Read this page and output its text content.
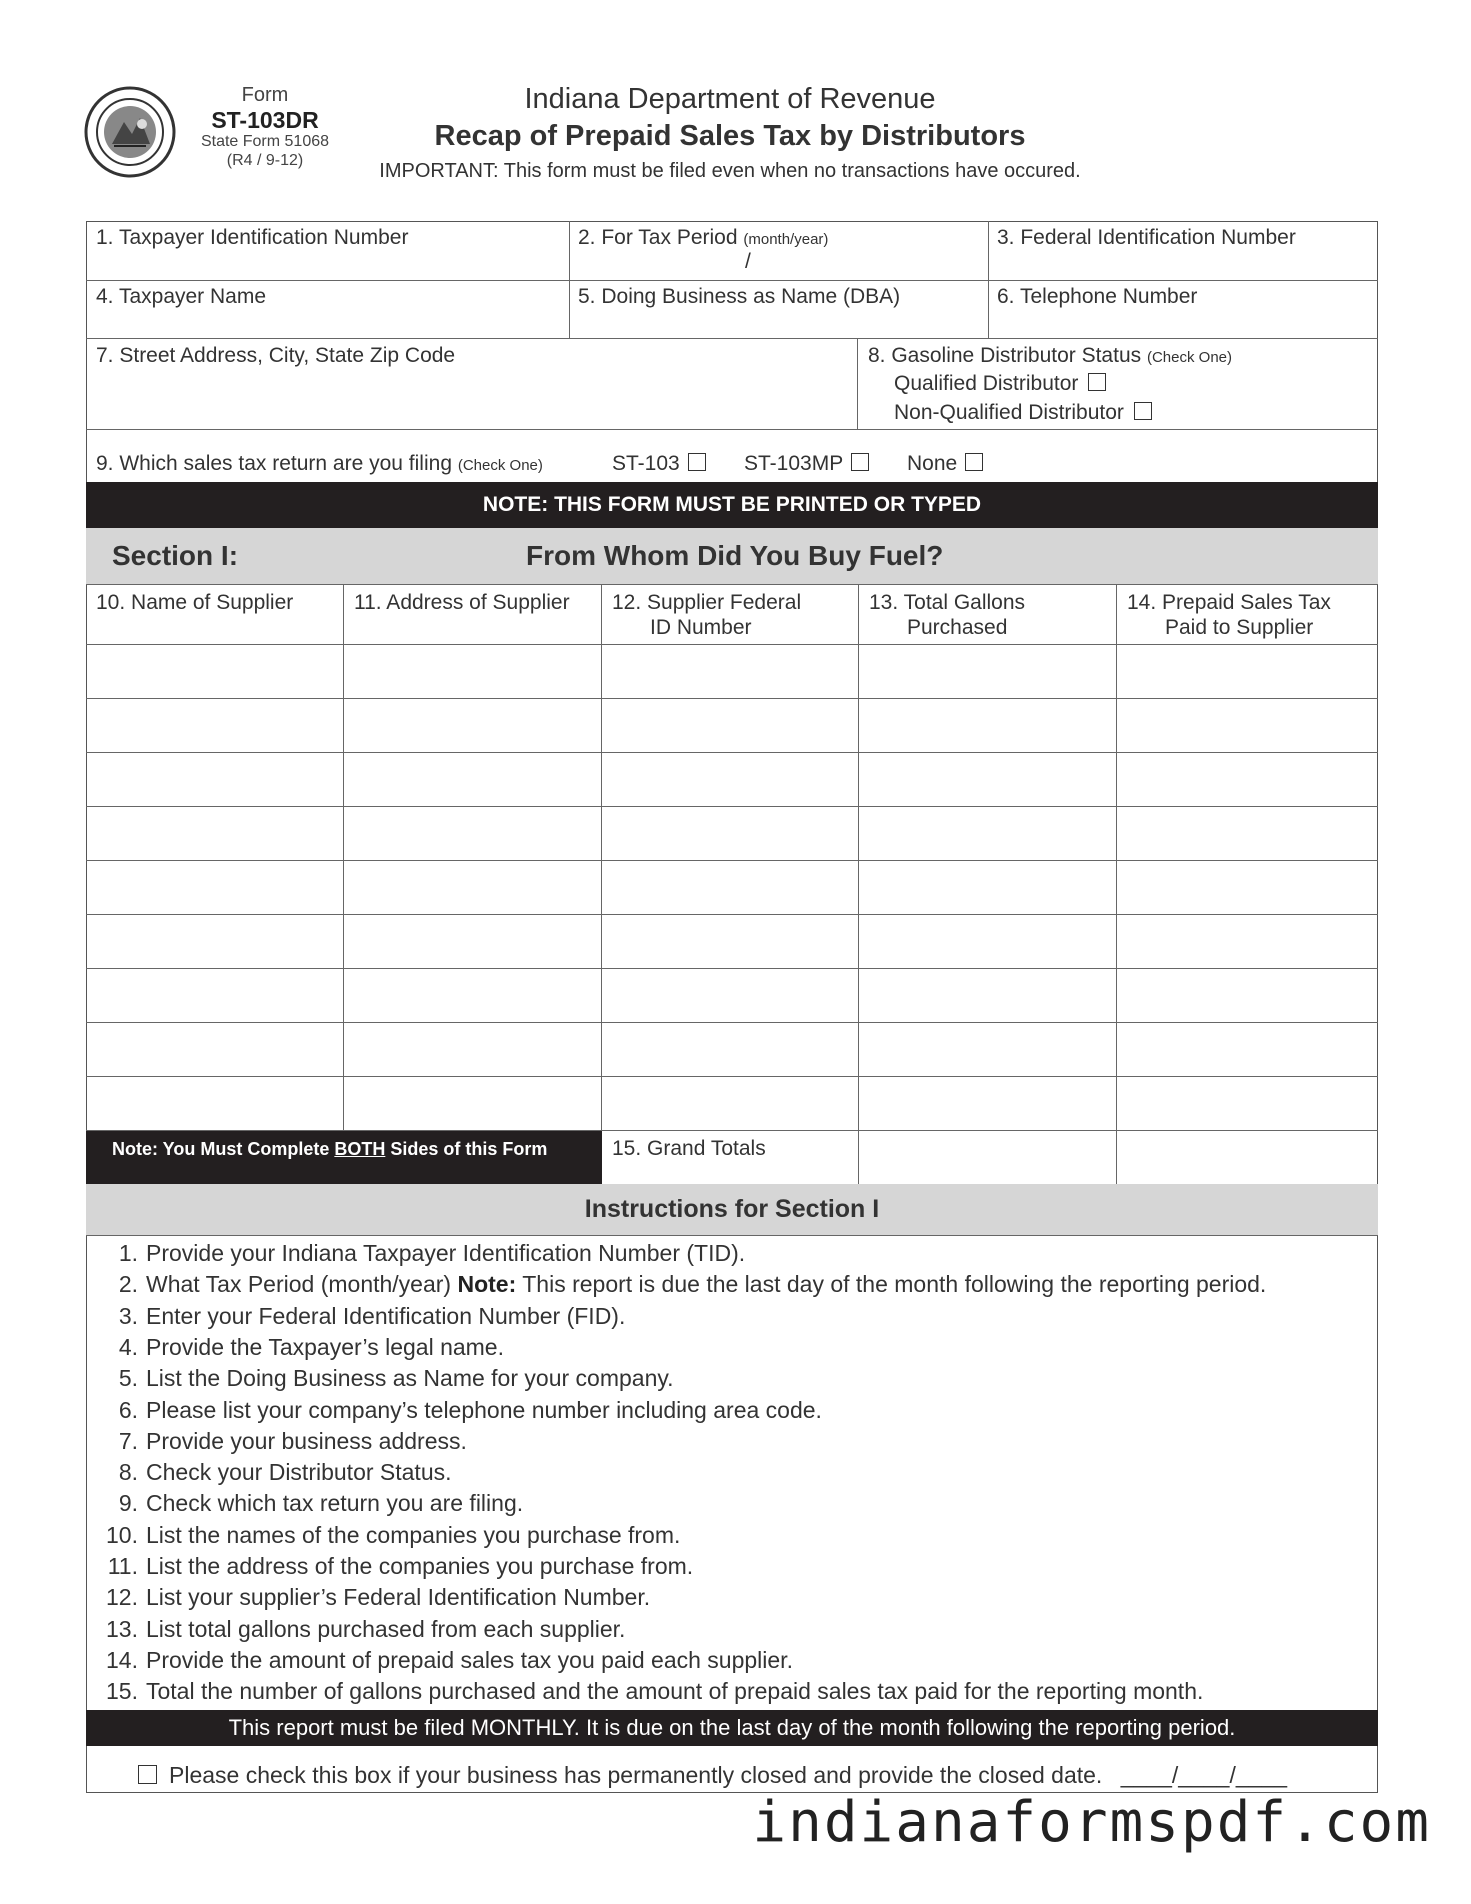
Form
ST-103DR
State Form 51068
(R4 / 9-12)
Indiana Department of Revenue
Recap of Prepaid Sales Tax by Distributors
IMPORTANT: This form must be filed even when no transactions have occured.
1. Taxpayer Identification Number	2. For Tax Period (month/year)
/
3. Federal Identification Number
4. Taxpayer Name	5. Doing Business as Name (DBA)	6. Telephone Number
7. Street Address, City, State Zip Code	8. Gasoline Distributor Status (Check One)
Qualified Distributor
Non-Qualified Distributor
9. Which sales tax return are you filing (Check One)	ST-103	ST-103MP	None
NOTE: THIS FORM MUST BE PRINTED OR TYPED
Section I:	From Whom Did You Buy Fuel?
10. Name of Supplier	11. Address of Supplier	12. Supplier Federal
ID Number
13. Total Gallons
Purchased
14. Prepaid Sales Tax
Paid to Supplier
Note: You Must Complete BOTH Sides of this Form	15. Grand Totals
Instructions for Section I
1. Provide your Indiana Taxpayer Identification Number (TID).
2. What Tax Period (month/year) Note: This report is due the last day of the month following the reporting period.
3. Enter your Federal Identification Number (FID).
4. Provide the Taxpayer’s legal name.
5. List the Doing Business as Name for your company.
6. Please list your company’s telephone number including area code.
7. Provide your business address.
8. Check your Distributor Status.
9. Check which tax return you are filing.
10. List the names of the companies you purchase from.
11. List the address of the companies you purchase from.
12. List your supplier’s Federal Identification Number.
13. List total gallons purchased from each supplier.
14. Provide the amount of prepaid sales tax you paid each supplier.
15. Total the number of gallons purchased and the amount of prepaid sales tax paid for the reporting month.
This report must be filed MONTHLY. It is due on the last day of the month following the reporting period.
Please check this box if your business has permanently closed and provide the closed date. ____/____/____
indianaformspdf.com
